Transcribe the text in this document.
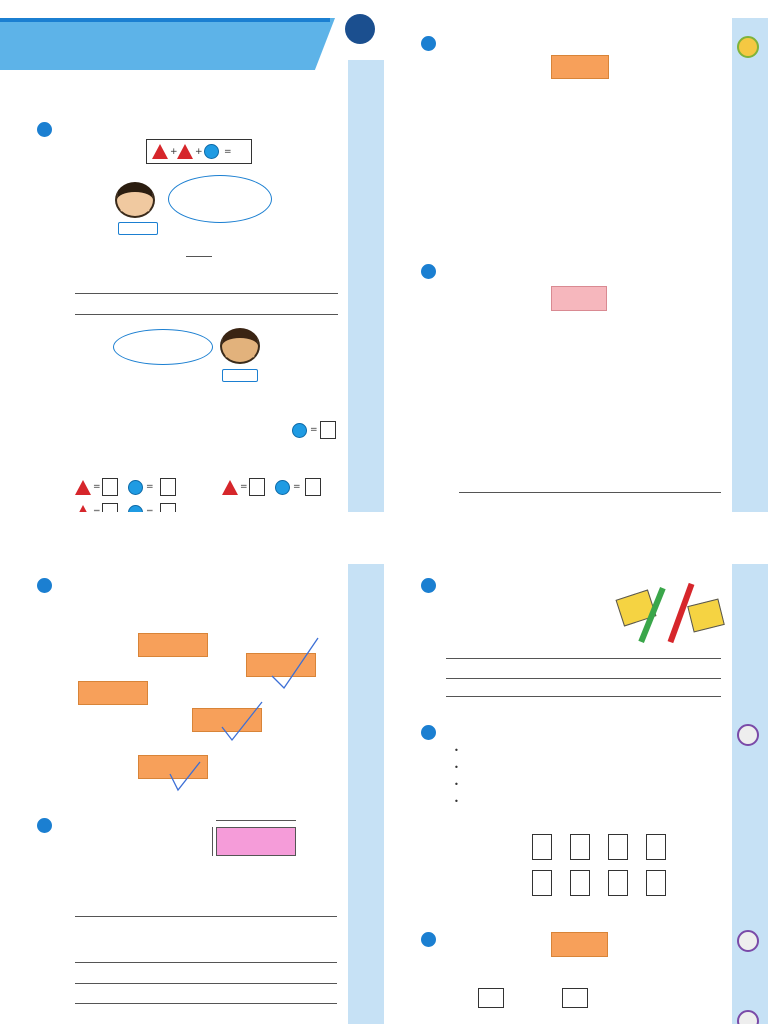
+ + =
=
=	=	=	=
=	=
•
•
•
•
